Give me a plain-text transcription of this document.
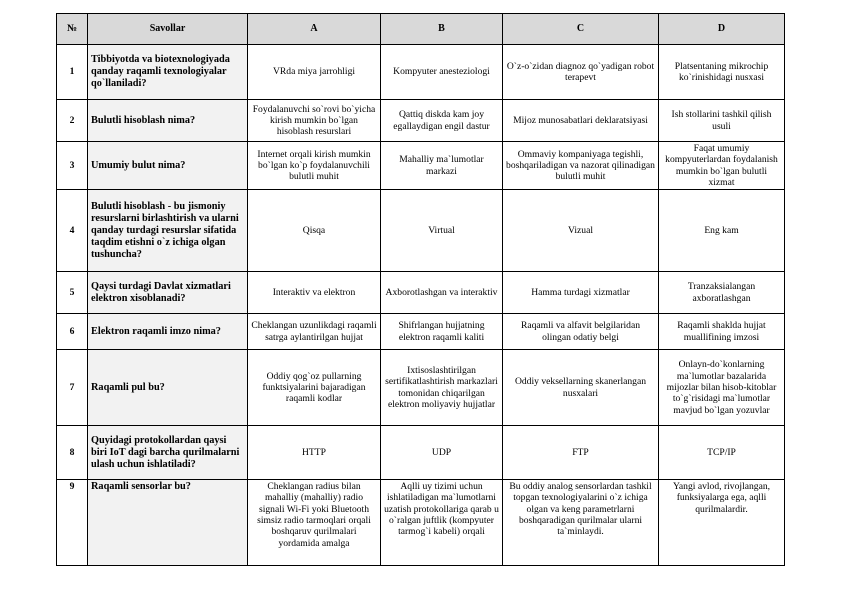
№	Savollar	A	B	C	D
1	Tibbiyotda va biotexnologiyada qanday raqamli texnologiyalar qo`llaniladi?	VRda miya jarrohligi	Kompyuter anesteziologi	O`z-o`zidan diagnoz qo`yadigan robot terapevt	Platsentaning mikrochip ko`rinishidagi nusxasi
2	Bulutli hisoblash nima?	Foydalanuvchi so`rovi bo`yicha kirish mumkin bo`lgan hisoblash resurslari	Qattiq diskda kam joy egallaydigan engil dastur	Mijoz munosabatlari deklaratsiyasi	Ish stollarini tashkil qilish usuli
3	Umumiy bulut nima?	Internet orqali kirish mumkin bo`lgan ko`p foydalanuvchili bulutli muhit	Mahalliy ma`lumotlar markazi	Ommaviy kompaniyaga tegishli, boshqariladigan va nazorat qilinadigan bulutli muhit	Faqat umumiy kompyuterlardan foydalanish mumkin bo`lgan bulutli xizmat
4	Bulutli hisoblash - bu jismoniy resurslarni birlashtirish va ularni qanday turdagi resurslar sifatida taqdim etishni o`z ichiga olgan tushuncha?	Qisqa	Virtual	Vizual	Eng kam
5	Qaysi turdagi Davlat xizmatlari elektron xisoblanadi?	Interaktiv va elektron	Axborotlashgan va interaktiv	Hamma turdagi xizmatlar	Tranzaksialangan axboratlashgan
6	Elektron raqamli imzo nima?	Cheklangan uzunlikdagi raqamli satrga aylantirilgan hujjat	Shifrlangan hujjatning elektron raqamli kaliti	Raqamli va alfavit belgilaridan olingan odatiy belgi	Raqamli shaklda hujjat muallifining imzosi
7	Raqamli pul bu?	Oddiy qog`oz pullarning funktsiyalarini bajaradigan raqamli kodlar	Ixtisoslashtirilgan sertifikatlashtirish markazlari tomonidan chiqarilgan elektron moliyaviy hujjatlar	Oddiy veksellarning skanerlangan nusxalari	Onlayn-do`konlarning ma`lumotlar bazalarida mijozlar bilan hisob-kitoblar to`g`risidagi ma`lumotlar mavjud bo`lgan yozuvlar
8	Quyidagi protokollardan qaysi biri IoT dagi barcha qurilmalarni ulash uchun ishlatiladi?	HTTP	UDP	FTP	TCP/IP
9	Raqamli sensorlar bu?	Cheklangan radius bilan mahalliy (mahalliy) radio signali Wi-Fi yoki Bluetooth simsiz radio tarmoqlari orqali boshqaruv qurilmalari yordamida amalga	Aqlli uy tizimi uchun ishlatiladigan ma`lumotlarni uzatish protokollariga qarab u o`ralgan juftlik (kompyuter tarmog`i kabeli) orqali	Bu oddiy analog sensorlardan tashkil topgan texnologiyalarini o`z ichiga olgan va keng parametrlarni boshqaradigan qurilmalar ularni ta`minlaydi.	Yangi avlod, rivojlangan, funksiyalarga ega, aqlli qurilmalardir.
